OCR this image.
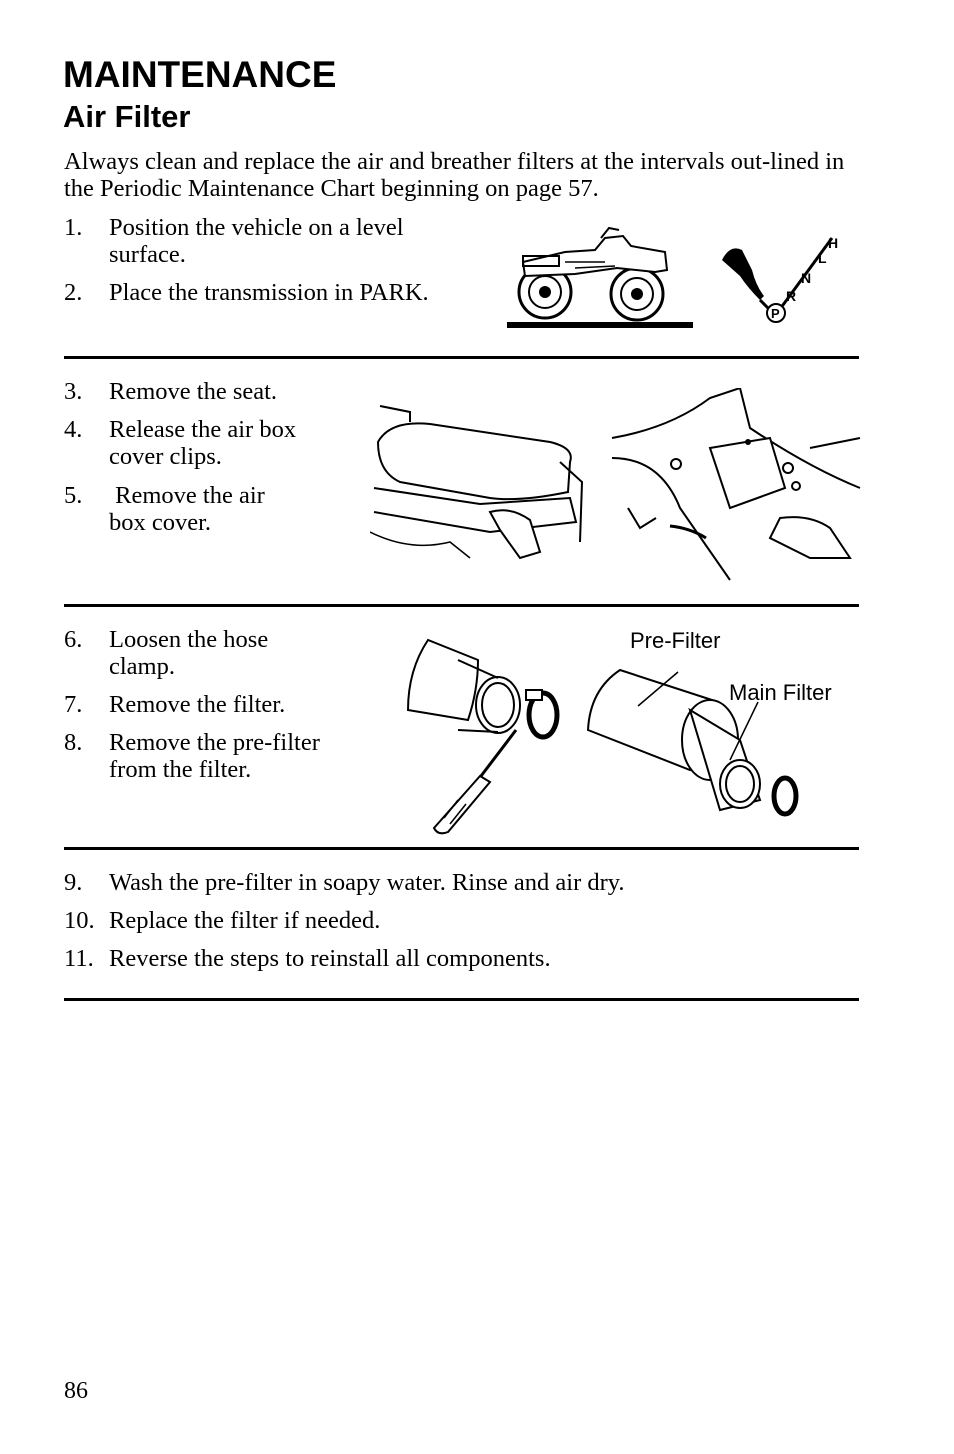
MAINTENANCE
Air Filter
Always clean and replace the air and breather filters at the intervals out-lined in the Periodic Maintenance Chart beginning on page 57.
1. Position the vehicle on a level
surface.
2. Place the transmission in PARK.
H
L
N
R
P
3. Remove the seat.
4. Release the air box
cover clips.
5. Remove the air
box cover.
6. Loosen the hose
clamp.
7. Remove the filter.
8. Remove the pre-filter
from the filter.
Pre-Filter
Main Filter
9. Wash the pre-filter in soapy water. Rinse and air dry.
10. Replace the filter if needed.
11. Reverse the steps to reinstall all components.
86
